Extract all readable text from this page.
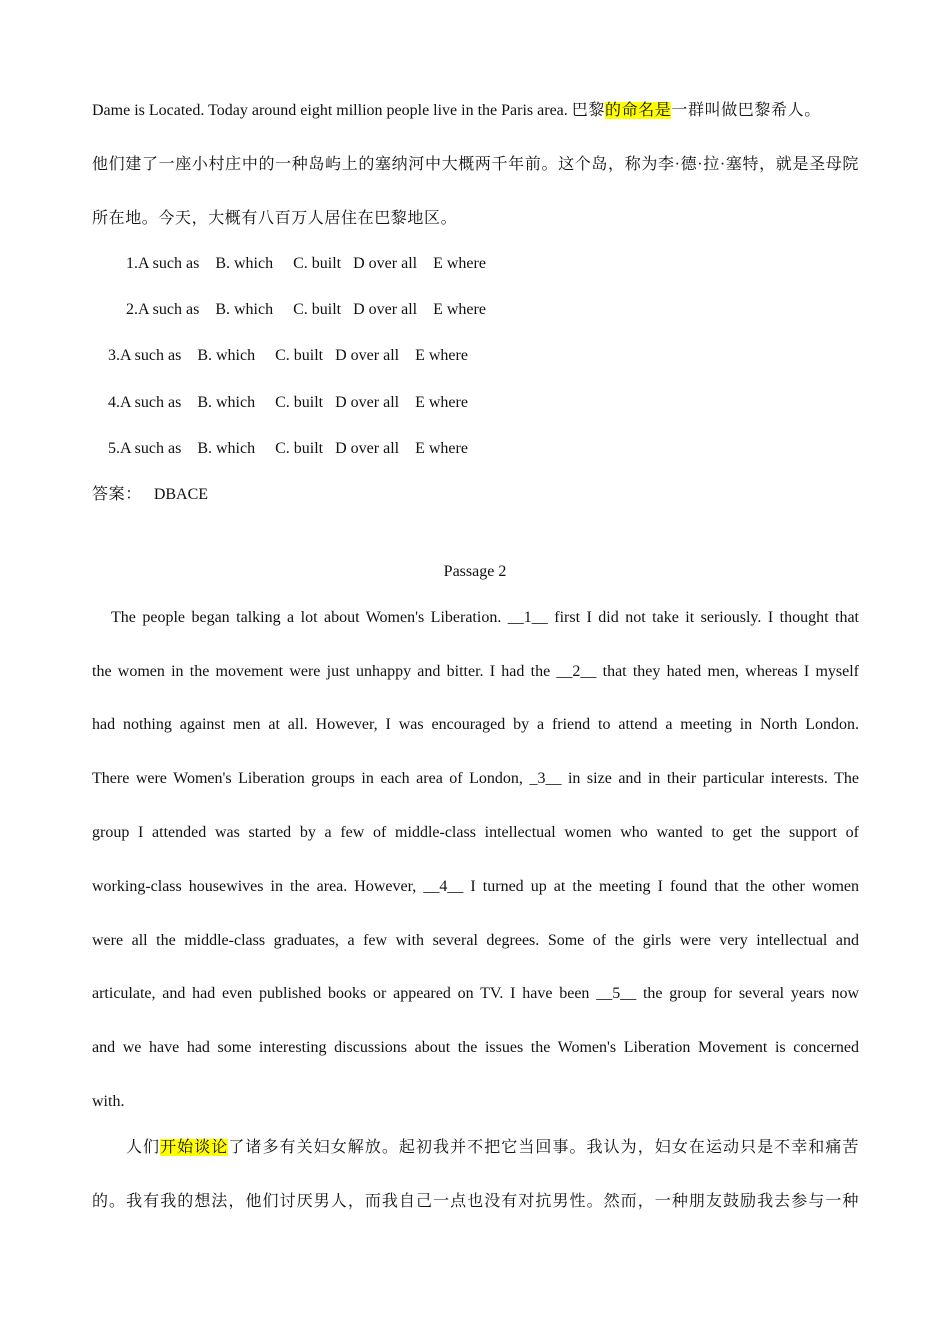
Dame is Located. Today around eight million people live in the Paris area. 巴黎的命名是一群叫做巴黎希人。
他们建了一座小村庄中的一种岛屿上的塞纳河中大概两千年前。这个岛，称为李·德·拉·塞特，就是圣母院
所在地。今天，大概有八百万人居住在巴黎地区。
1.A such as    B. which     C. built   D over all    E where
2.A such as    B. which     C. built   D over all    E where
3.A such as    B. which     C. built   D over all    E where
4.A such as    B. which     C. built   D over all    E where
5.A such as    B. which     C. built   D over all    E where
答案： DBACE
Passage 2
The people began talking a lot about Women's Liberation. __1__ first I did not take it seriously. I thought that
the women in the movement were just unhappy and bitter. I had the __2__ that they hated men, whereas I myself
had nothing against men at all. However, I was encouraged by a friend to attend a meeting in North London.
There were Women's Liberation groups in each area of London, _3__ in size and in their particular interests. The
group I attended was started by a few of middle-class intellectual women who wanted to get the support of
working-class housewives in the area. However, __4__ I turned up at the meeting I found that the other women
were all the middle-class graduates, a few with several degrees. Some of the girls were very intellectual and
articulate, and had even published books or appeared on TV. I have been __5__ the group for several years now
and we have had some interesting discussions about the issues the Women's Liberation Movement is concerned
with.
人们开始谈论了诸多有关妇女解放。起初我并不把它当回事。我认为，妇女在运动只是不幸和痛苦
的。我有我的想法，他们讨厌男人，而我自己一点也没有对抗男性。然而，一种朋友鼓励我去参与一种
